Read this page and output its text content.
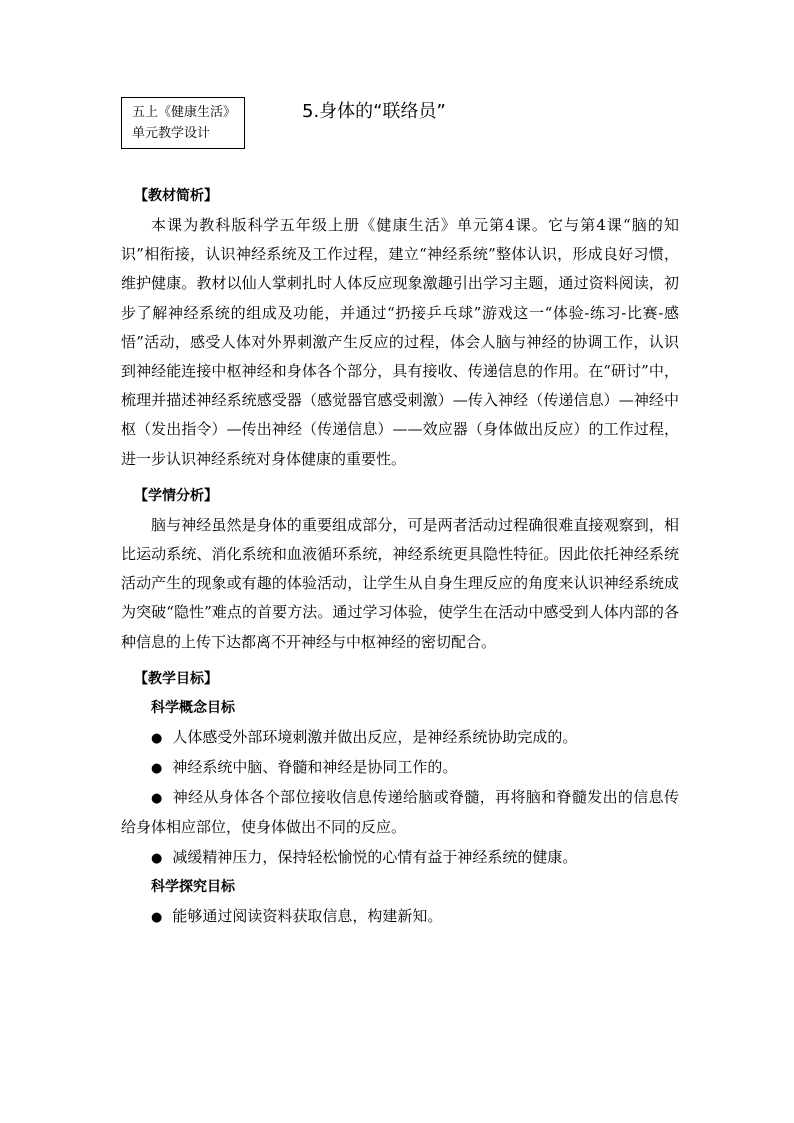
五上《健康生活》
单元教学设计
5.身体的“联络员”
【教材简析】

本课为教科版科学五年级上册《健康生活》单元第4课。它与第4课“脑的知识”相衔接，认识神经系统及工作过程，建立“神经系统”整体认识，形成良好习惯，维护健康。教材以仙人掌刺扎时人体反应现象激趣引出学习主题，通过资料阅读，初步了解神经系统的组成及功能，并通过“扔接乒乓球”游戏这一“体验-练习-比赛-感悟”活动，感受人体对外界刺激产生反应的过程，体会人脑与神经的协调工作，认识到神经能连接中枢神经和身体各个部分，具有接收、传递信息的作用。在“研讨”中，梳理并描述神经系统感受器（感觉器官感受刺激）—传入神经（传递信息）—神经中枢（发出指令）—传出神经（传递信息）——效应器（身体做出反应）的工作过程，进一步认识神经系统对身体健康的重要性。

【学情分析】

脑与神经虽然是身体的重要组成部分，可是两者活动过程确很难直接观察到，相比运动系统、消化系统和血液循环系统，神经系统更具隐性特征。因此依托神经系统活动产生的现象或有趣的体验活动，让学生从自身生理反应的角度来认识神经系统成为突破“隐性”难点的首要方法。通过学习体验，使学生在活动中感受到人体内部的各种信息的上传下达都离不开神经与中枢神经的密切配合。

【教学目标】
科学概念目标

● 人体感受外部环境刺激并做出反应，是神经系统协助完成的。

● 神经系统中脑、脊髓和神经是协同工作的。

● 神经从身体各个部位接收信息传递给脑或脊髓，再将脑和脊髓发出的信息传给身体相应部位，使身体做出不同的反应。

● 减缓精神压力，保持轻松愉悦的心情有益于神经系统的健康。

科学探究目标

● 能够通过阅读资料获取信息，构建新知。
